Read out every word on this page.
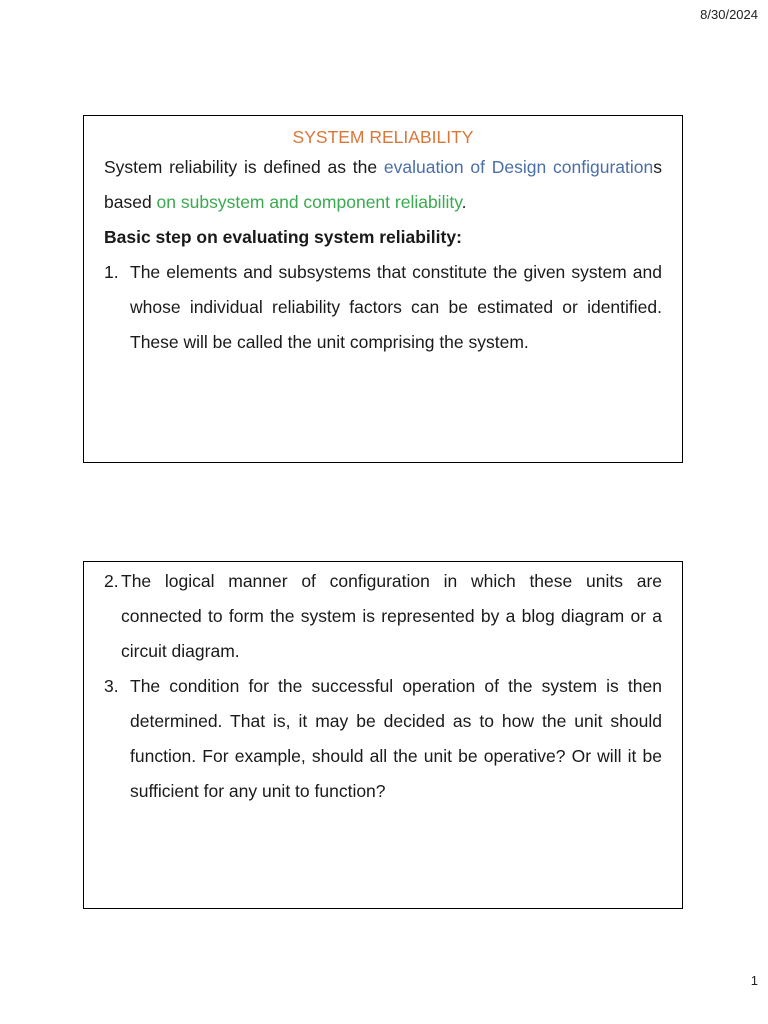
8/30/2024
SYSTEM RELIABILITY

System reliability is defined as the evaluation of Design configurations based on subsystem and component reliability.

Basic step on evaluating system reliability:
1. The elements and subsystems that constitute the given system and whose individual reliability factors can be estimated or identified. These will be called the unit comprising the system.
2. The logical manner of configuration in which these units are connected to form the system is represented by a blog diagram or a circuit diagram.
3. The condition for the successful operation of the system is then determined. That is, it may be decided as to how the unit should function. For example, should all the unit be operative? Or will it be sufficient for any unit to function?
1
